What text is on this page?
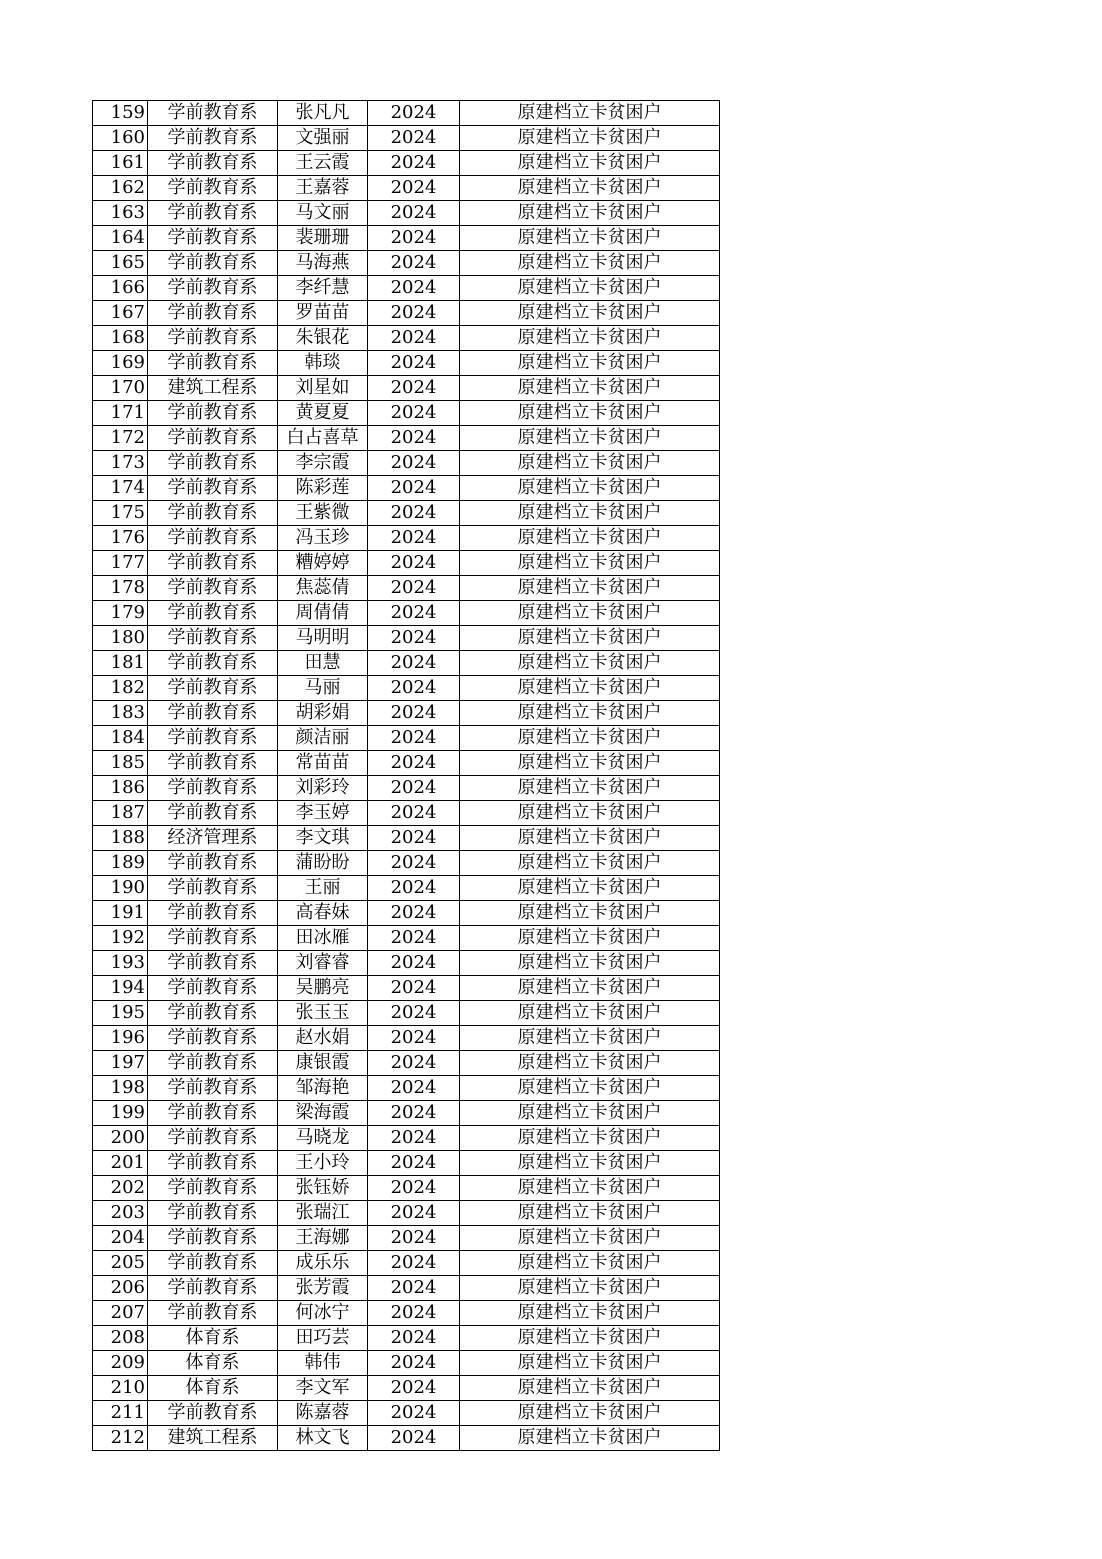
159	学前教育系	张凡凡	2024	原建档立卡贫困户
160	学前教育系	文强丽	2024	原建档立卡贫困户
161	学前教育系	王云霞	2024	原建档立卡贫困户
162	学前教育系	王嘉蓉	2024	原建档立卡贫困户
163	学前教育系	马文丽	2024	原建档立卡贫困户
164	学前教育系	裴珊珊	2024	原建档立卡贫困户
165	学前教育系	马海燕	2024	原建档立卡贫困户
166	学前教育系	李纤慧	2024	原建档立卡贫困户
167	学前教育系	罗苗苗	2024	原建档立卡贫困户
168	学前教育系	朱银花	2024	原建档立卡贫困户
169	学前教育系	韩琰	2024	原建档立卡贫困户
170	建筑工程系	刘星如	2024	原建档立卡贫困户
171	学前教育系	黄夏夏	2024	原建档立卡贫困户
172	学前教育系	白占喜草	2024	原建档立卡贫困户
173	学前教育系	李宗霞	2024	原建档立卡贫困户
174	学前教育系	陈彩莲	2024	原建档立卡贫困户
175	学前教育系	王紫微	2024	原建档立卡贫困户
176	学前教育系	冯玉珍	2024	原建档立卡贫困户
177	学前教育系	糟婷婷	2024	原建档立卡贫困户
178	学前教育系	焦蕊倩	2024	原建档立卡贫困户
179	学前教育系	周倩倩	2024	原建档立卡贫困户
180	学前教育系	马明明	2024	原建档立卡贫困户
181	学前教育系	田慧	2024	原建档立卡贫困户
182	学前教育系	马丽	2024	原建档立卡贫困户
183	学前教育系	胡彩娟	2024	原建档立卡贫困户
184	学前教育系	颜洁丽	2024	原建档立卡贫困户
185	学前教育系	常苗苗	2024	原建档立卡贫困户
186	学前教育系	刘彩玲	2024	原建档立卡贫困户
187	学前教育系	李玉婷	2024	原建档立卡贫困户
188	经济管理系	李文琪	2024	原建档立卡贫困户
189	学前教育系	蒲盼盼	2024	原建档立卡贫困户
190	学前教育系	王丽	2024	原建档立卡贫困户
191	学前教育系	高春妹	2024	原建档立卡贫困户
192	学前教育系	田冰雁	2024	原建档立卡贫困户
193	学前教育系	刘睿睿	2024	原建档立卡贫困户
194	学前教育系	吴鹏亮	2024	原建档立卡贫困户
195	学前教育系	张玉玉	2024	原建档立卡贫困户
196	学前教育系	赵水娟	2024	原建档立卡贫困户
197	学前教育系	康银霞	2024	原建档立卡贫困户
198	学前教育系	邹海艳	2024	原建档立卡贫困户
199	学前教育系	梁海霞	2024	原建档立卡贫困户
200	学前教育系	马晓龙	2024	原建档立卡贫困户
201	学前教育系	王小玲	2024	原建档立卡贫困户
202	学前教育系	张钰娇	2024	原建档立卡贫困户
203	学前教育系	张瑞江	2024	原建档立卡贫困户
204	学前教育系	王海娜	2024	原建档立卡贫困户
205	学前教育系	成乐乐	2024	原建档立卡贫困户
206	学前教育系	张芳霞	2024	原建档立卡贫困户
207	学前教育系	何冰宁	2024	原建档立卡贫困户
208	体育系	田巧芸	2024	原建档立卡贫困户
209	体育系	韩伟	2024	原建档立卡贫困户
210	体育系	李文军	2024	原建档立卡贫困户
211	学前教育系	陈嘉蓉	2024	原建档立卡贫困户
212	建筑工程系	林文飞	2024	原建档立卡贫困户
